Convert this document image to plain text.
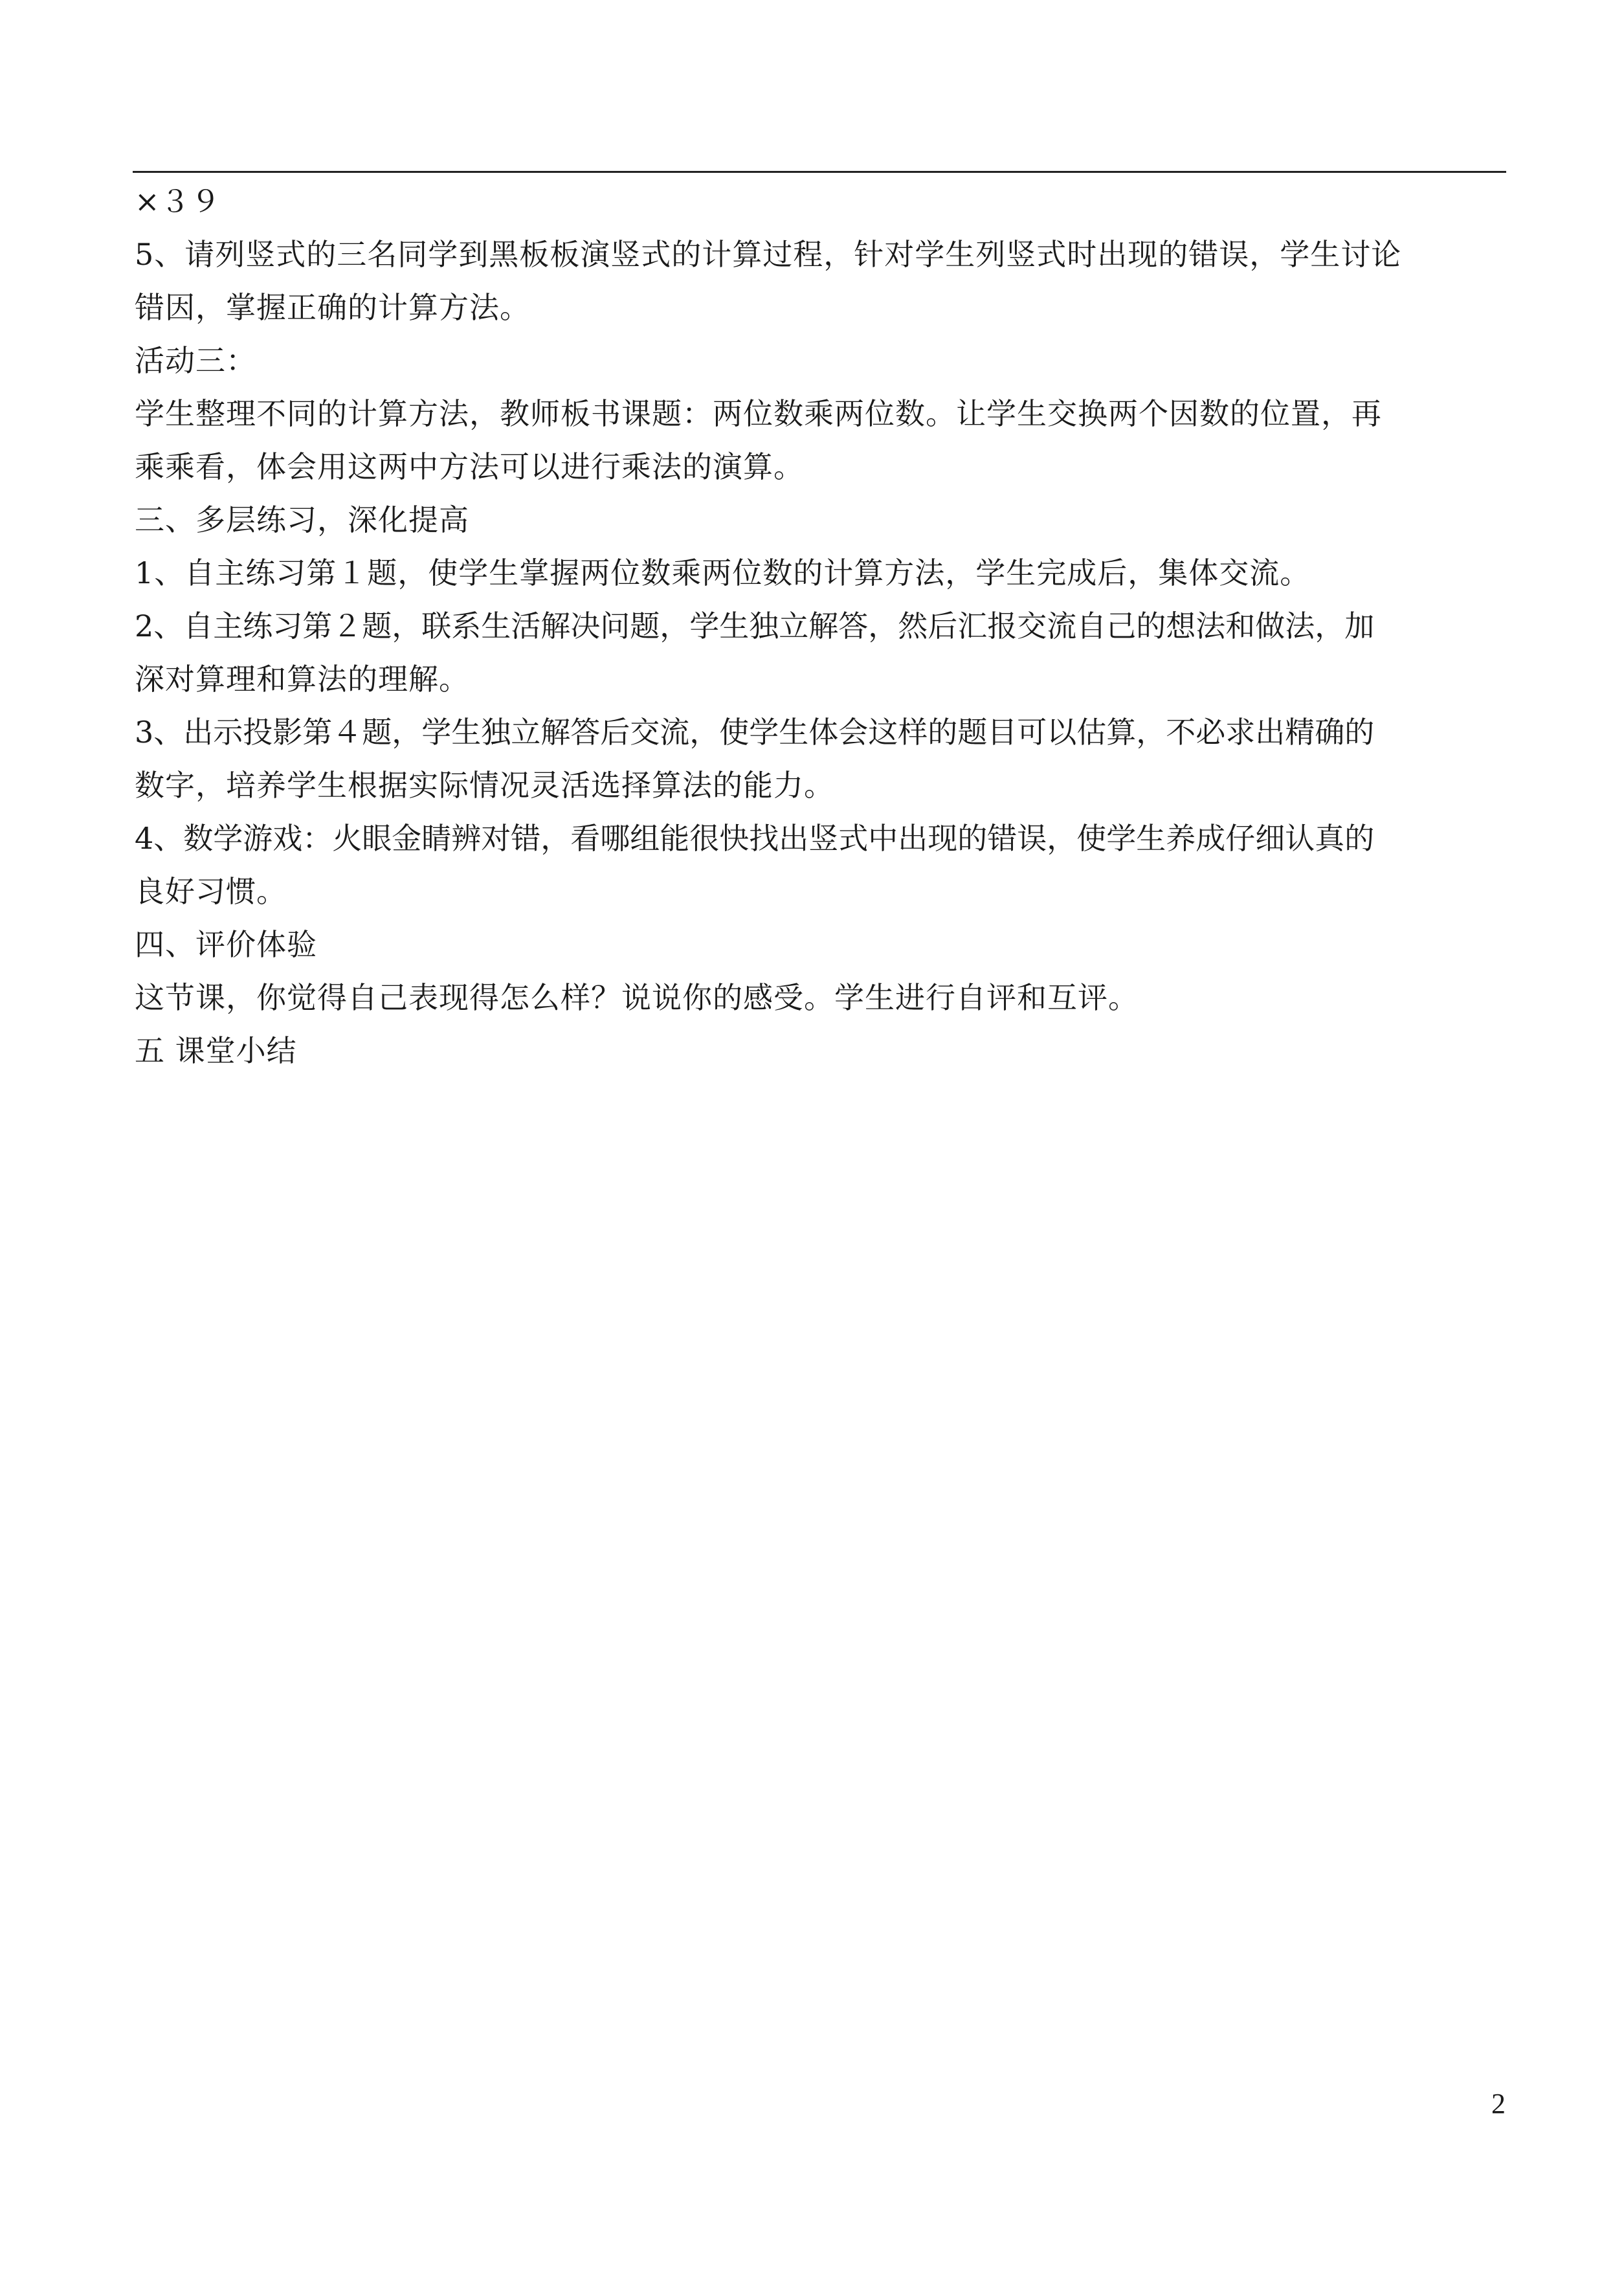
×３９
5、请列竖式的三名同学到黑板板演竖式的计算过程，针对学生列竖式时出现的错误，学生讨论
错因，掌握正确的计算方法。
活动三：
学生整理不同的计算方法，教师板书课题：两位数乘两位数。让学生交换两个因数的位置，再
乘乘看，体会用这两中方法可以进行乘法的演算。
三、多层练习，深化提高
1、自主练习第１题，使学生掌握两位数乘两位数的计算方法，学生完成后，集体交流。
2、自主练习第２题，联系生活解决问题，学生独立解答，然后汇报交流自己的想法和做法，加
深对算理和算法的理解。
3、出示投影第４题，学生独立解答后交流，使学生体会这样的题目可以估算，不必求出精确的
数字，培养学生根据实际情况灵活选择算法的能力。
4、数学游戏：火眼金睛辨对错，看哪组能很快找出竖式中出现的错误，使学生养成仔细认真的
良好习惯。
四、评价体验
这节课，你觉得自己表现得怎么样？说说你的感受。学生进行自评和互评。
五 课堂小结
2
